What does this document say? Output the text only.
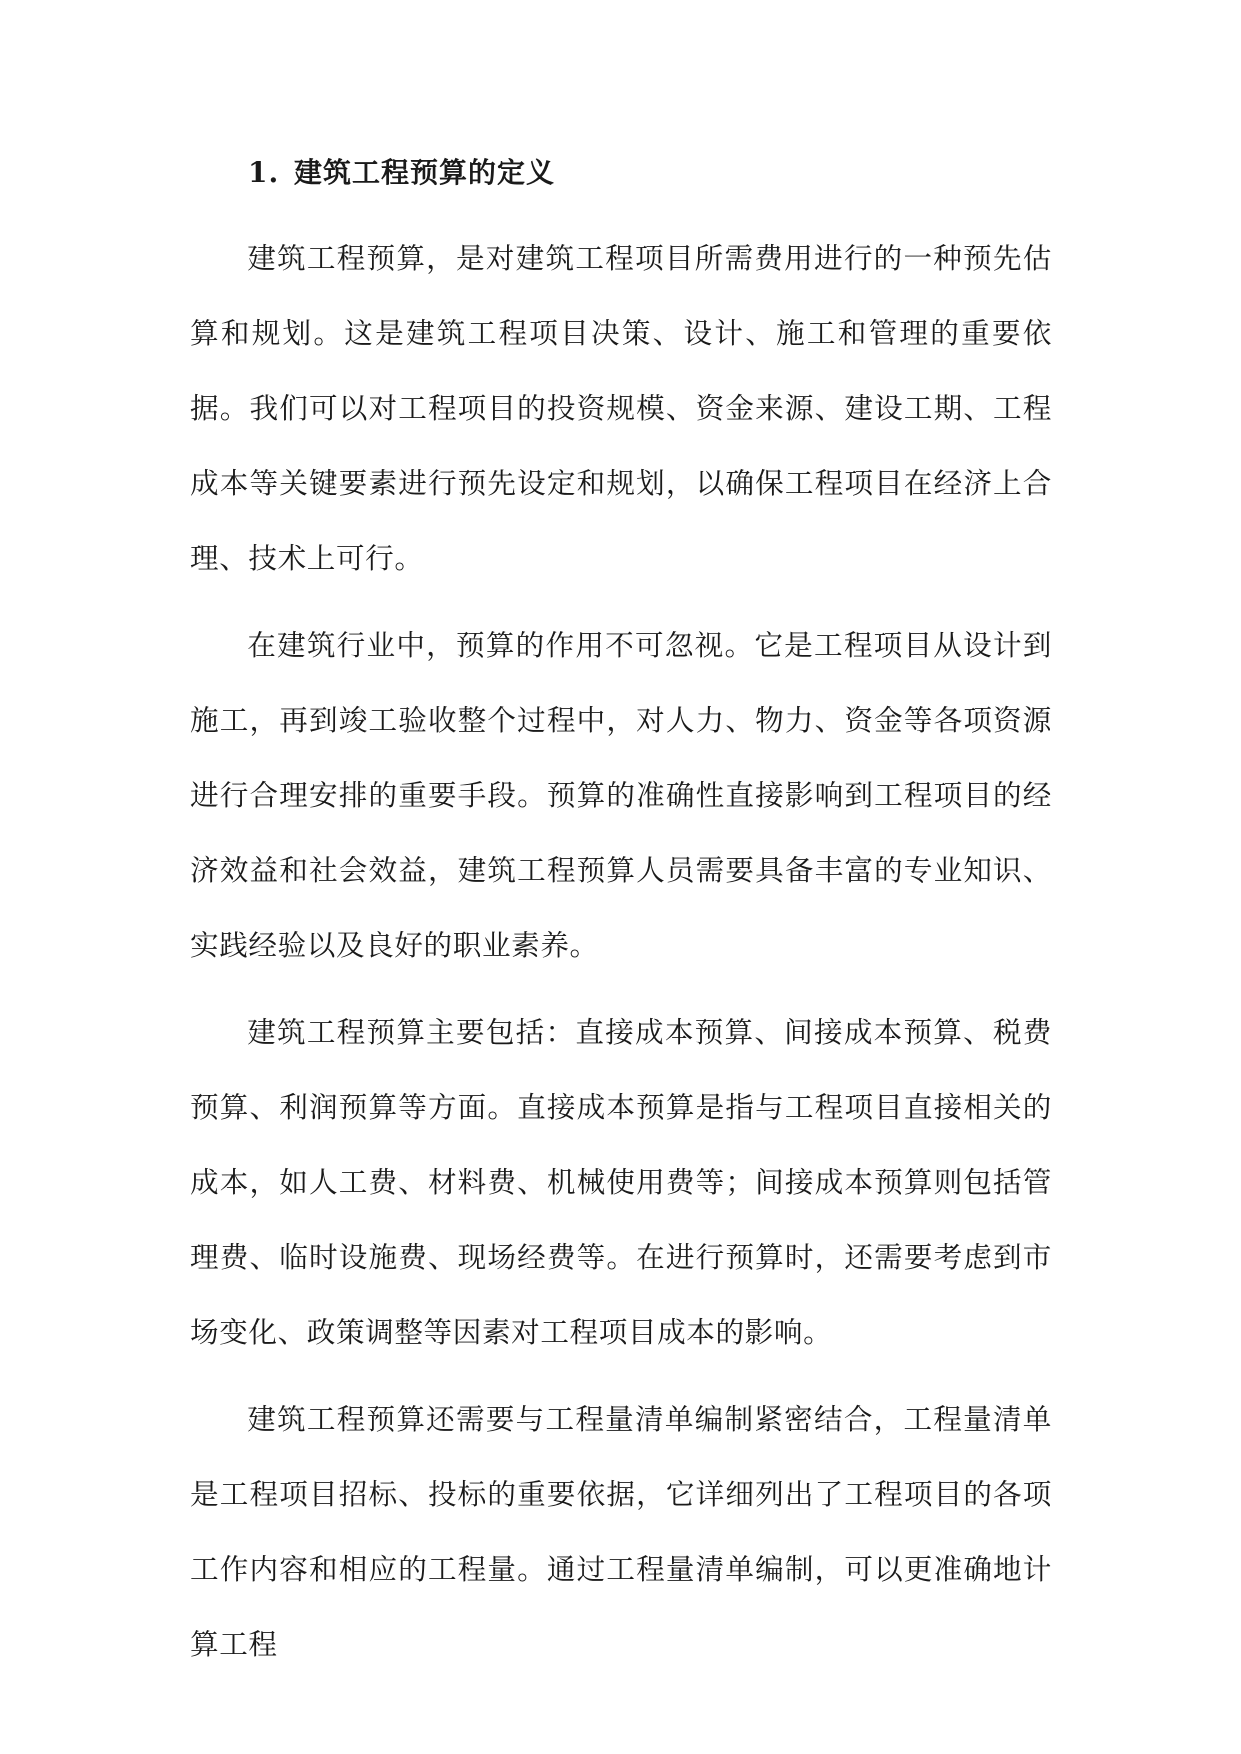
1. 建筑工程预算的定义

建筑工程预算，是对建筑工程项目所需费用进行的一种预先估算和规划。这是建筑工程项目决策、设计、施工和管理的重要依据。我们可以对工程项目的投资规模、资金来源、建设工期、工程成本等关键要素进行预先设定和规划，以确保工程项目在经济上合理、技术上可行。

在建筑行业中，预算的作用不可忽视。它是工程项目从设计到施工，再到竣工验收整个过程中，对人力、物力、资金等各项资源进行合理安排的重要手段。预算的准确性直接影响到工程项目的经济效益和社会效益，建筑工程预算人员需要具备丰富的专业知识、实践经验以及良好的职业素养。

建筑工程预算主要包括：直接成本预算、间接成本预算、税费预算、利润预算等方面。直接成本预算是指与工程项目直接相关的成本，如人工费、材料费、机械使用费等；间接成本预算则包括管理费、临时设施费、现场经费等。在进行预算时，还需要考虑到市场变化、政策调整等因素对工程项目成本的影响。

建筑工程预算还需要与工程量清单编制紧密结合，工程量清单是工程项目招标、投标的重要依据，它详细列出了工程项目的各项工作内容和相应的工程量。通过工程量清单编制，可以更准确地计算工程
